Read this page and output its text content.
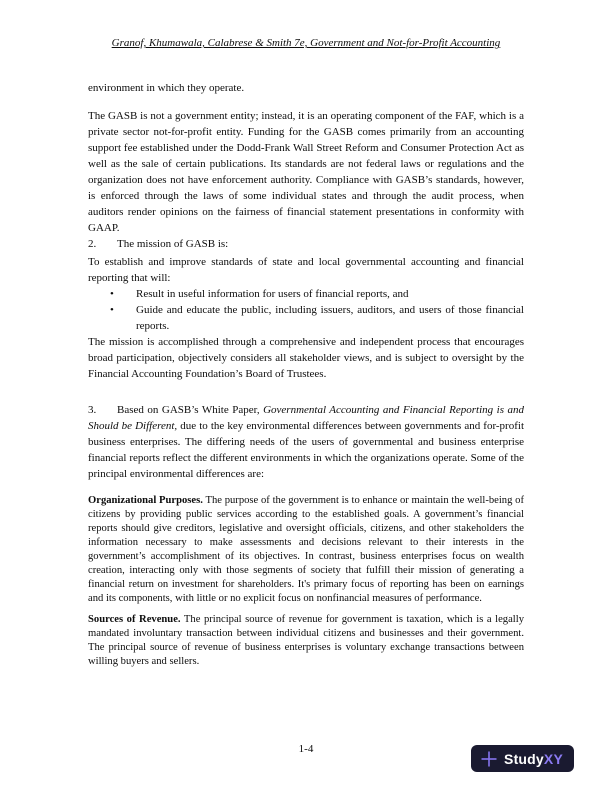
Granof, Khumawala, Calabrese & Smith 7e, Government and Not-for-Profit Accounting

environment in which they operate.

The GASB is not a government entity; instead, it is an operating component of the FAF, which is a private sector not-for-profit entity. Funding for the GASB comes primarily from an accounting support fee established under the Dodd-Frank Wall Street Reform and Consumer Protection Act as well as the sale of certain publications. Its standards are not federal laws or regulations and the organization does not have enforcement authority. Compliance with GASB’s standards, however, is enforced through the laws of some individual states and through the audit process, when auditors render opinions on the fairness of financial statement presentations in conformity with GAAP.

2. The mission of GASB is:

To establish and improve standards of state and local governmental accounting and financial reporting that will:

• Result in useful information for users of financial reports, and
• Guide and educate the public, including issuers, auditors, and users of those financial reports.

The mission is accomplished through a comprehensive and independent process that encourages broad participation, objectively considers all stakeholder views, and is subject to oversight by the Financial Accounting Foundation’s Board of Trustees.

3. Based on GASB’s White Paper, Governmental Accounting and Financial Reporting is and Should be Different, due to the key environmental differences between governments and for-profit business enterprises. The differing needs of the users of governmental and business enterprise financial reports reflect the different environments in which the organizations operate. Some of the principal environmental differences are:

Organizational Purposes. The purpose of the government is to enhance or maintain the well-being of citizens by providing public services according to the established goals. A government’s financial reports should give creditors, legislative and oversight officials, citizens, and other stakeholders the information necessary to make assessments and decisions relevant to their interests in the government’s accomplishment of its objectives. In contrast, business enterprises focus on wealth creation, interacting only with those segments of society that fulfill their mission of generating a financial return on investment for shareholders. It's primary focus of reporting has been on earnings and its components, with little or no explicit focus on nonfinancial measures of performance.

Sources of Revenue. The principal source of revenue for government is taxation, which is a legally mandated involuntary transaction between individual citizens and businesses and their government. The principal source of revenue of business enterprises is voluntary exchange transactions between willing buyers and sellers.

1-4
StudyXY
